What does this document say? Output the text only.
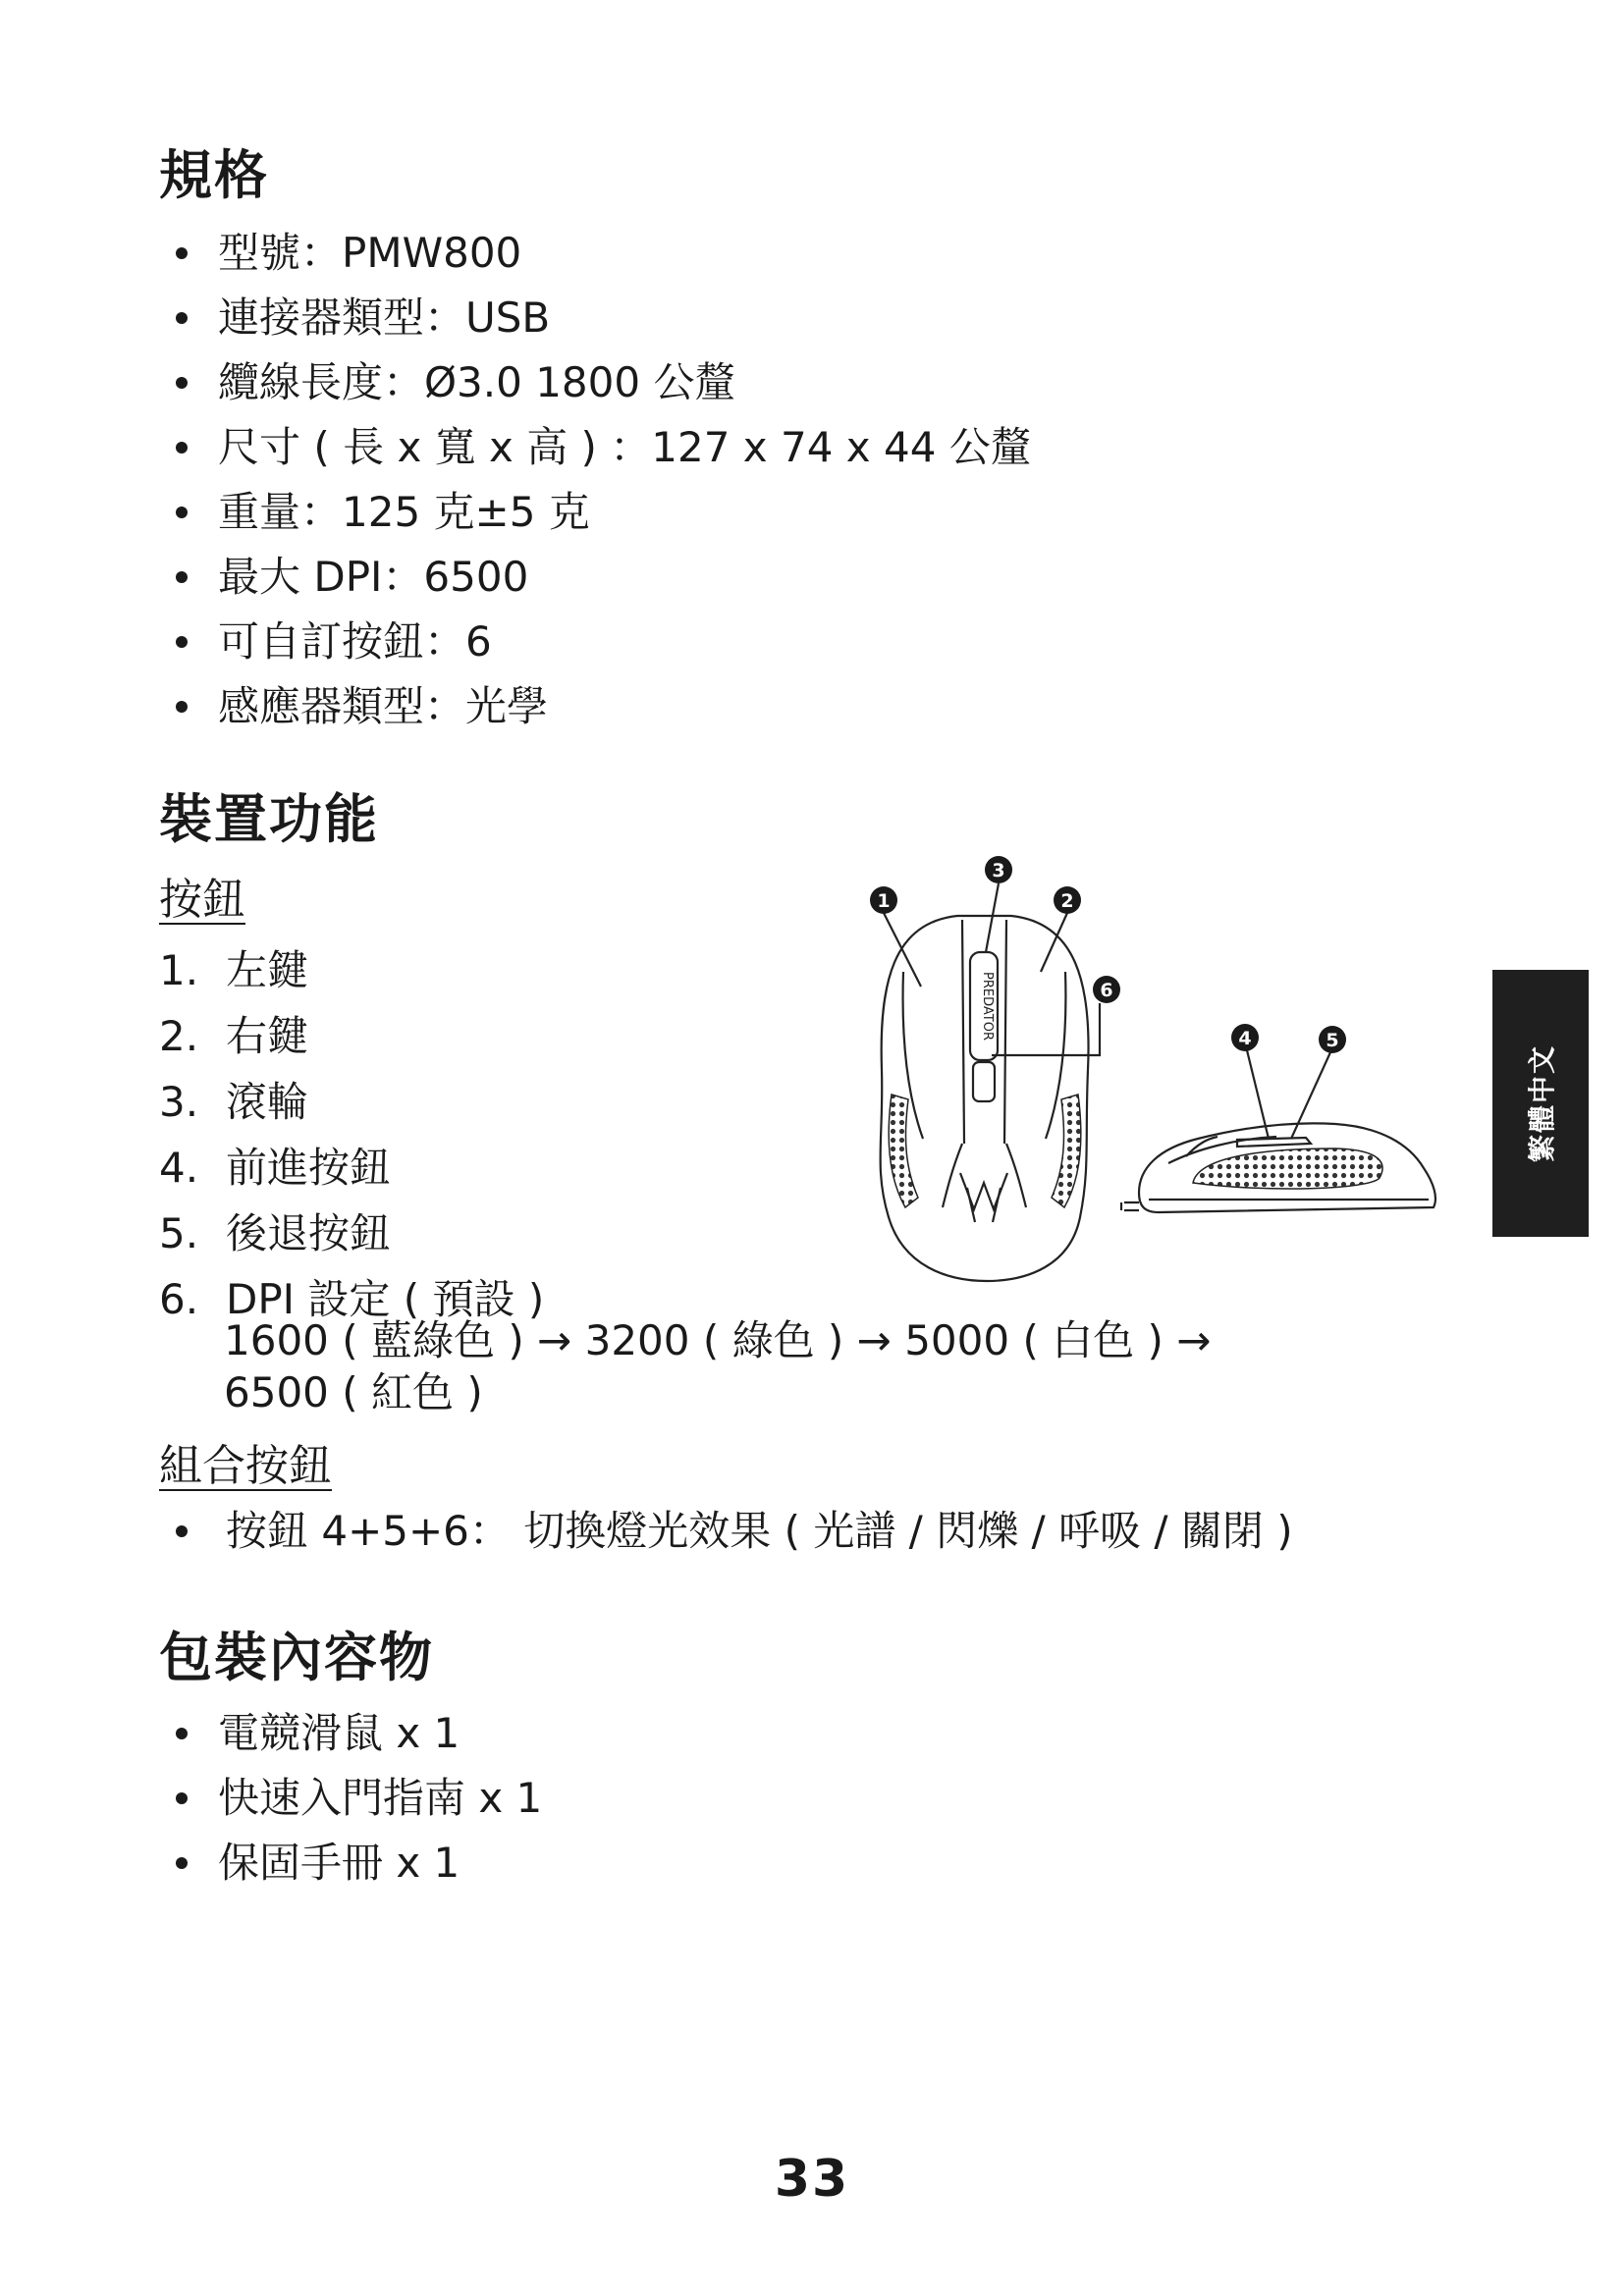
規格
型號：PMW800
連接器類型：USB
纜線長度：Ø3.0 1800 公釐
尺寸 ( 長 x 寬 x 高 ) ：127 x 74 x 44 公釐
重量：125 克±5 克
最大 DPI：6500
可自訂按鈕：6
感應器類型：光學
裝置功能
按鈕
1. 左鍵
2. 右鍵
3. 滾輪
4. 前進按鈕
5. 後退按鈕
6. DPI 設定 ( 預設 )
1600 ( 藍綠色 ) → 3200 ( 綠色 ) → 5000 ( 白色 ) →
6500 ( 紅色 )
組合按鈕
按鈕 4+5+6： 切換燈光效果 ( 光譜 / 閃爍 / 呼吸 / 關閉 )
包裝內容物
電競滑鼠 x 1
快速入門指南 x 1
保固手冊 x 1
PREDATOR
1	2
3
6
4	5
繁體中文
33
